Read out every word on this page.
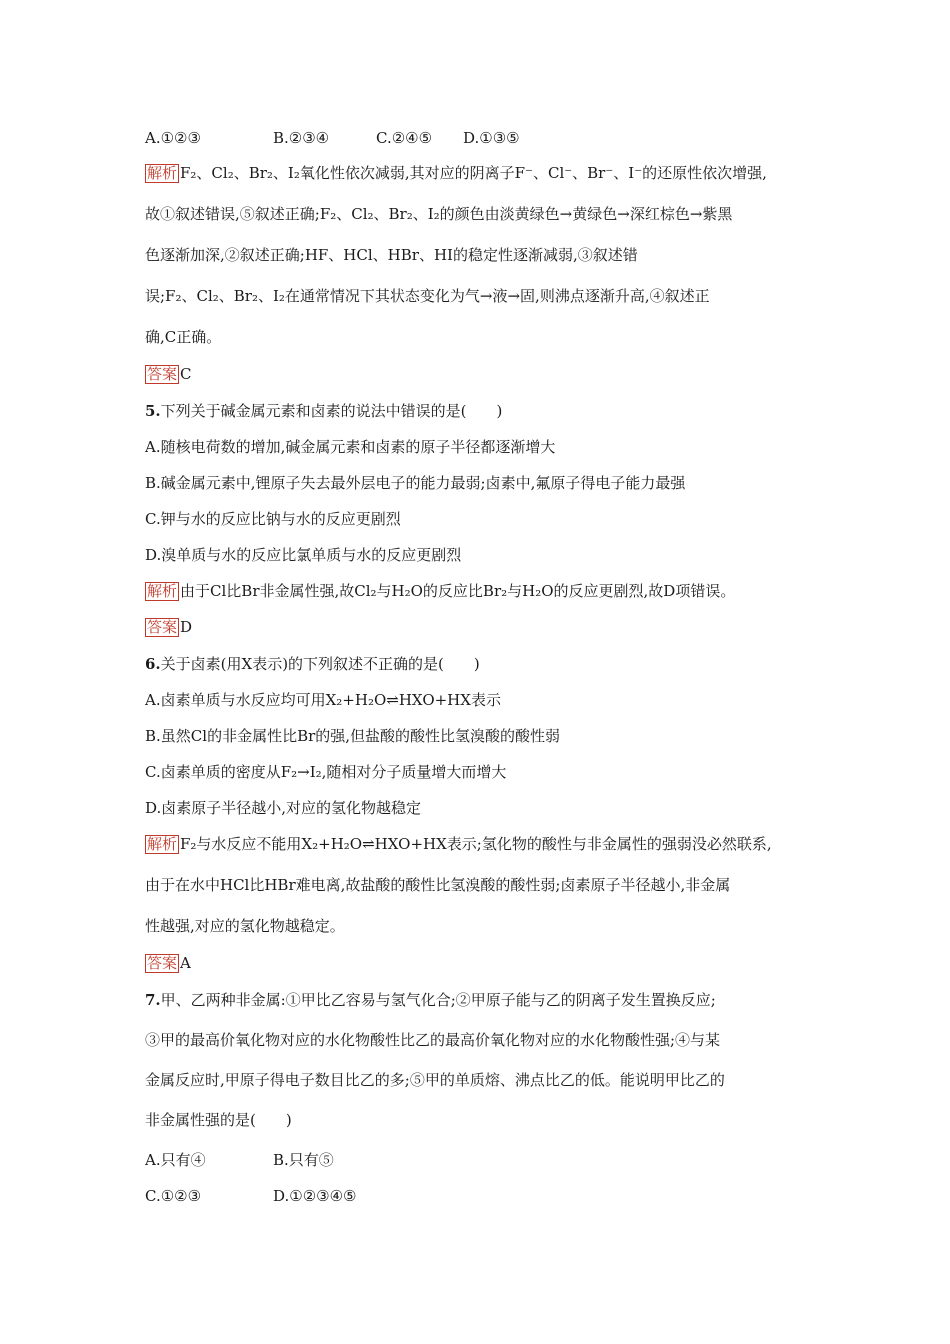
A.①②③	B.②③④	C.②④⑤ D.①③⑤
解析 F₂、Cl₂、Br₂、I₂氧化性依次减弱,其对应的阴离子F⁻、Cl⁻、Br⁻、I⁻的还原性依次增强,
故①叙述错误,⑤叙述正确;F₂、Cl₂、Br₂、I₂的颜色由淡黄绿色→黄绿色→深红棕色→紫黑
色逐渐加深,②叙述正确;HF、HCl、HBr、HI的稳定性逐渐减弱,③叙述错
误;F₂、Cl₂、Br₂、I₂在通常情况下其状态变化为气→液→固,则沸点逐渐升高,④叙述正
确,C正确。
答案 C
5.下列关于碱金属元素和卤素的说法中错误的是(　　)
A.随核电荷数的增加,碱金属元素和卤素的原子半径都逐渐增大
B.碱金属元素中,锂原子失去最外层电子的能力最弱;卤素中,氟原子得电子能力最强
C.钾与水的反应比钠与水的反应更剧烈
D.溴单质与水的反应比氯单质与水的反应更剧烈
解析 由于Cl比Br非金属性强,故Cl₂与H₂O的反应比Br₂与H₂O的反应更剧烈,故D项错误。
答案 D
6.关于卤素(用X表示)的下列叙述不正确的是(　　)
A.卤素单质与水反应均可用X₂+H₂O⇌HXO+HX表示
B.虽然Cl的非金属性比Br的强,但盐酸的酸性比氢溴酸的酸性弱
C.卤素单质的密度从F₂→I₂,随相对分子质量增大而增大
D.卤素原子半径越小,对应的氢化物越稳定
解析 F₂与水反应不能用X₂+H₂O⇌HXO+HX表示;氢化物的酸性与非金属性的强弱没必然联系,
由于在水中HCl比HBr难电离,故盐酸的酸性比氢溴酸的酸性弱;卤素原子半径越小,非金属
性越强,对应的氢化物越稳定。
答案 A
7.甲、乙两种非金属:①甲比乙容易与氢气化合;②甲原子能与乙的阴离子发生置换反应;
③甲的最高价氧化物对应的水化物酸性比乙的最高价氧化物对应的水化物酸性强;④与某
金属反应时,甲原子得电子数目比乙的多;⑤甲的单质熔、沸点比乙的低。能说明甲比乙的
非金属性强的是(　　)
A.只有④	B.只有⑤
C.①②③	D.①②③④⑤
